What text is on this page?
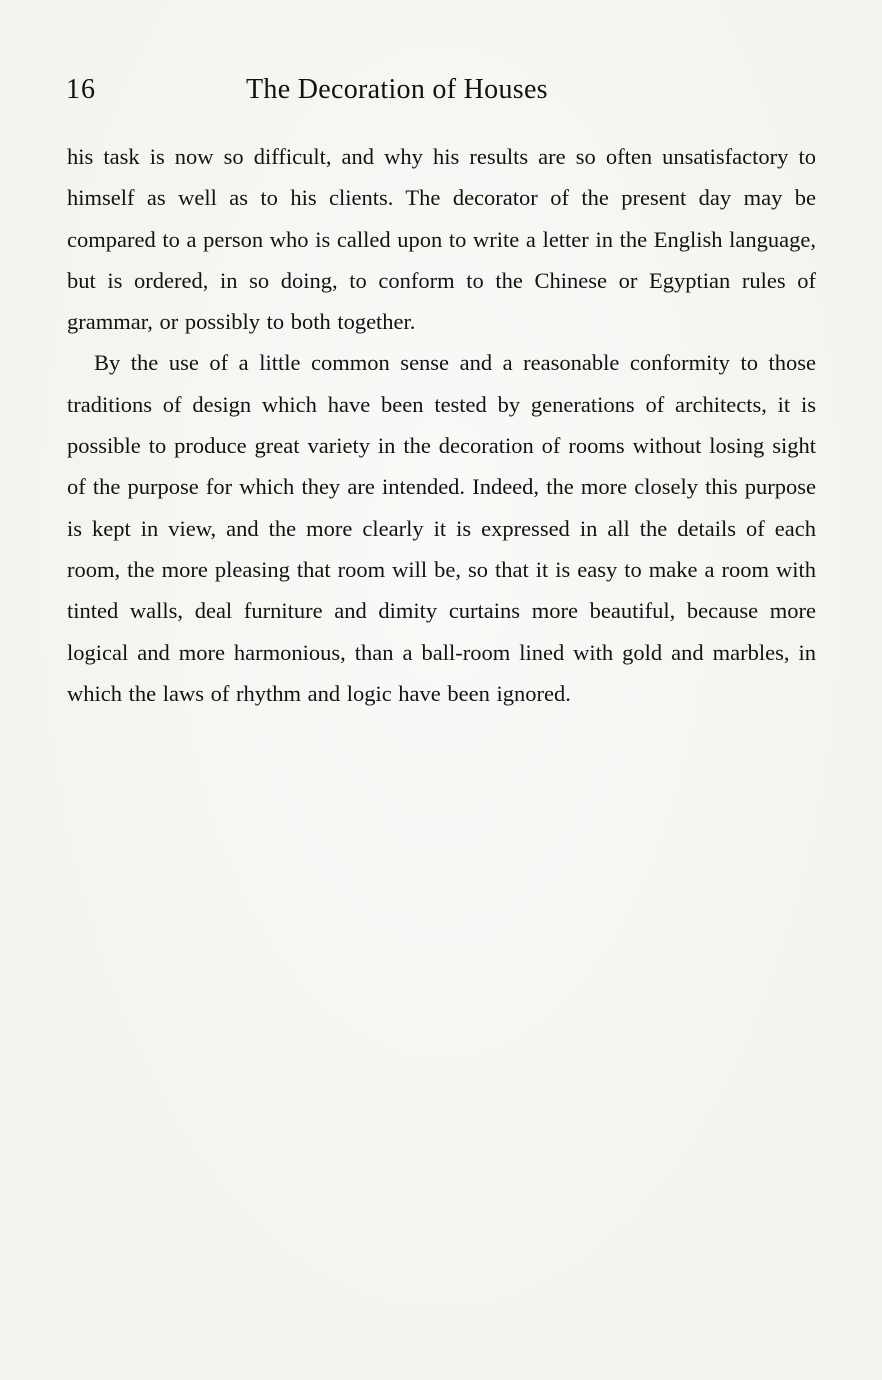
16	The Decoration of Houses

his task is now so difficult, and why his results are so often unsatisfactory to himself as well as to his clients. The decorator of the present day may be compared to a person who is called upon to write a letter in the English language, but is ordered, in so doing, to conform to the Chinese or Egyptian rules of grammar, or possibly to both together.

By the use of a little common sense and a reasonable conformity to those traditions of design which have been tested by generations of architects, it is possible to produce great variety in the decoration of rooms without losing sight of the purpose for which they are intended. Indeed, the more closely this purpose is kept in view, and the more clearly it is expressed in all the details of each room, the more pleasing that room will be, so that it is easy to make a room with tinted walls, deal furniture and dimity curtains more beautiful, because more logical and more harmonious, than a ball-room lined with gold and marbles, in which the laws of rhythm and logic have been ignored.
